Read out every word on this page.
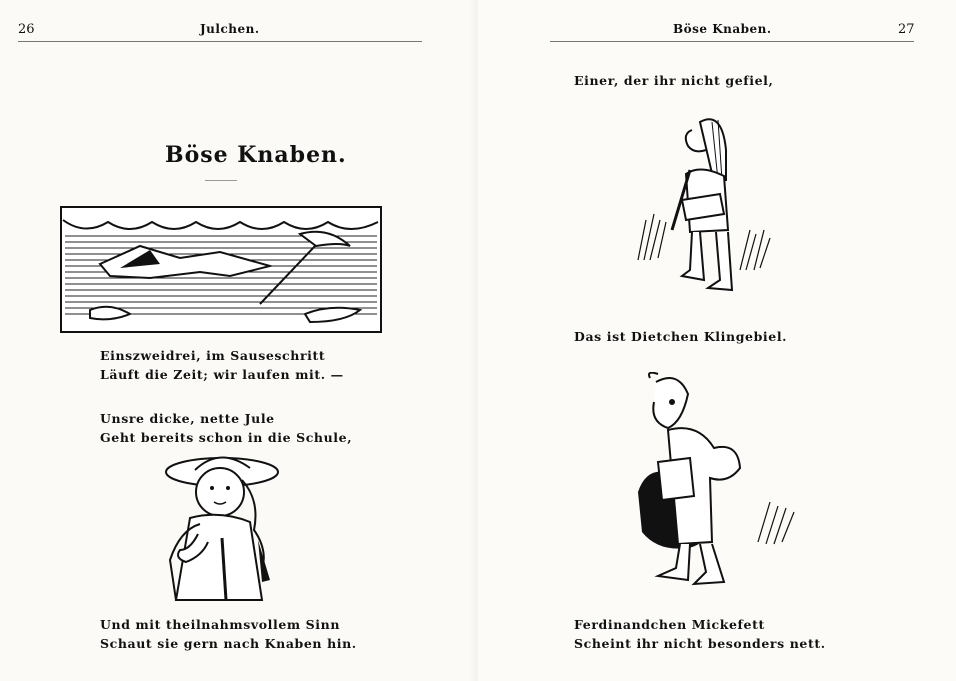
26	Julchen.
Böse Knaben.
Einszweidrei, im Sauseschritt
Läuft die Zeit; wir laufen mit. —
Unsre dicke, nette Jule
Geht bereits schon in die Schule,
Und mit theilnahmsvollem Sinn
Schaut sie gern nach Knaben hin.
Böse Knaben.	27
Einer, der ihr nicht gefiel,
Das ist Dietchen Klingebiel.
Ferdinandchen Mickefett
Scheint ihr nicht besonders nett.
